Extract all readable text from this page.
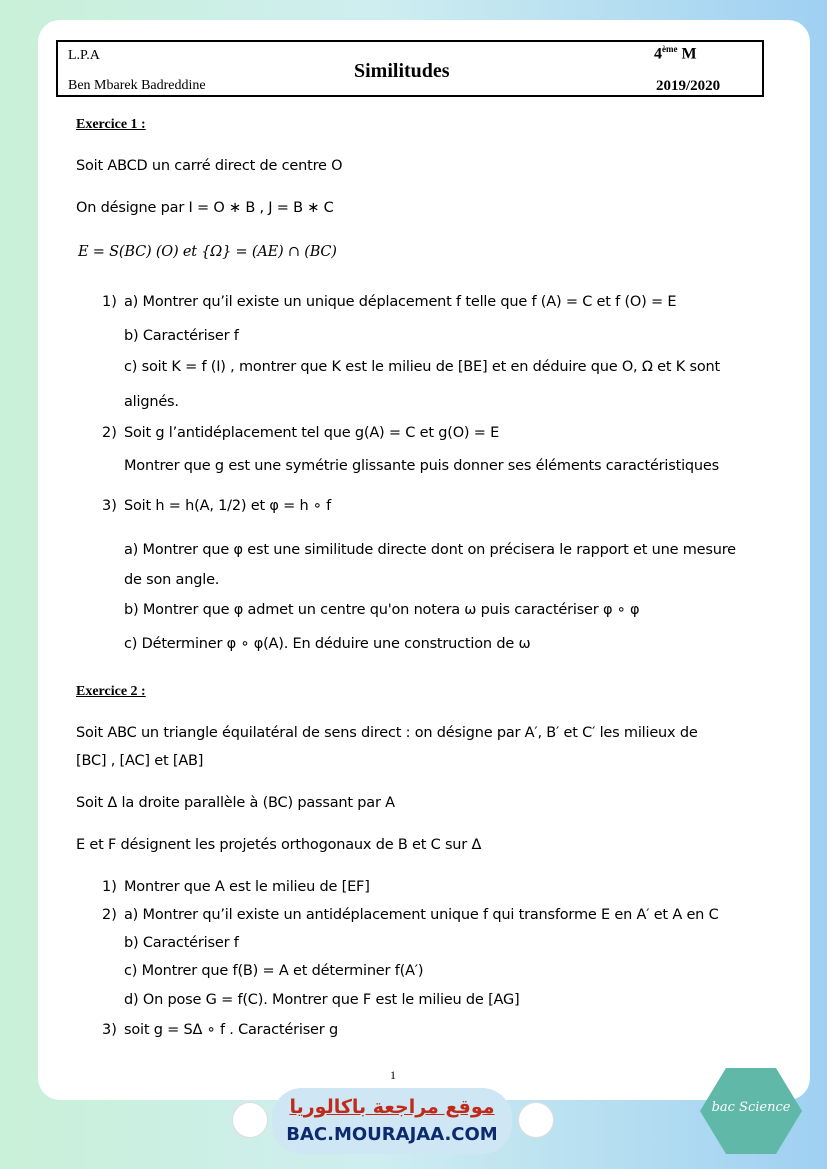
L.P.A
Ben Mbarek Badreddine
Similitudes
4ème M
2019/2020
Exercice 1 :
Soit ABCD un carré direct de centre O
On désigne par I = O ∗ B , J = B ∗ C
E = S(BC) (O) et {Ω} = (AE) ∩ (BC)
1) a) Montrer qu’il existe un unique déplacement f telle que f (A) = C et f (O) = E
b) Caractériser f
c) soit K = f (I) , montrer que K est le milieu de [BE] et en déduire que O, Ω et K sont
alignés.
2) Soit g l’antidéplacement tel que g(A) = C et g(O) = E
Montrer que g est une symétrie glissante puis donner ses éléments caractéristiques
3) Soit h = h(A, 1/2) et φ = h ∘ f
a) Montrer que φ est une similitude directe dont on précisera le rapport et une mesure
de son angle.
b) Montrer que φ admet un centre qu'on notera ω puis caractériser φ ∘ φ
c) Déterminer φ ∘ φ(A). En déduire une construction de ω
Exercice 2 :
Soit ABC un triangle équilatéral de sens direct : on désigne par A′, B′ et C′ les milieux de
[BC] , [AC] et [AB]
Soit Δ la droite parallèle à (BC) passant par A
E et F désignent les projetés orthogonaux de B et C sur Δ
1) Montrer que A est le milieu de [EF]
2) a) Montrer qu’il existe un antidéplacement unique f qui transforme E en A′ et A en C
b) Caractériser f
c) Montrer que f(B) = A et déterminer f(A′)
d) On pose G = f(C). Montrer que F est le milieu de [AG]
3) soit g = SΔ ∘ f . Caractériser g
1
موقع مراجعة باكالوريا
BAC.MOURAJAA.COM
bac Science
